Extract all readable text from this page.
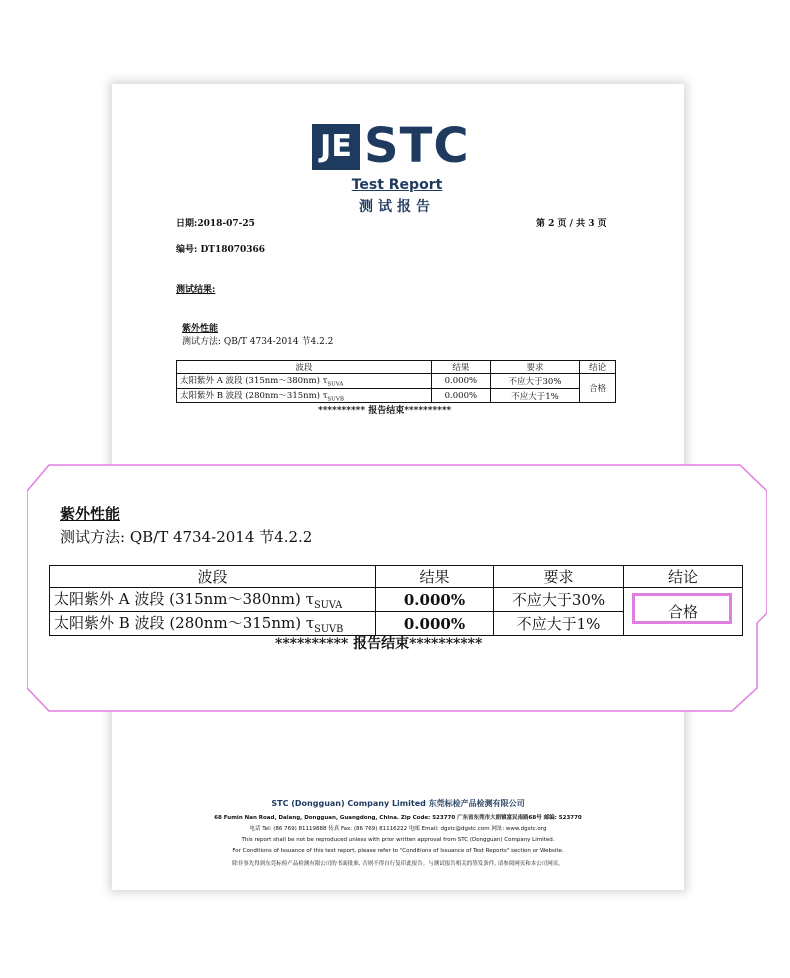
JE STC
Test Report
测试报告
日期:2018-07-25	第 2 页 / 共 3 页
编号: DT18070366
测试结果:
紫外性能
测试方法: QB/T 4734-2014 节4.2.2
波段	结果	要求	结论
太阳紫外 A 波段 (315nm～380nm) $\tau_{SUVA}$	0.000%	不应大于30%	合格
太阳紫外 B 波段 (280nm～315nm) $\tau_{SUVB}$	0.000%	不应大于1%	
********** 报告结束**********
STC (Dongguan) Company Limited 东莞标检产品检测有限公司
68 Fumin Nan Road, Dalang, Dongguan, Guangdong, China. Zip Code: 523770 广东省东莞市大朗镇富民南路68号 邮编: 523770
电话 Tel: (86 769) 81119888 传真 Fax: (86 769) 81116222 电邮 Email: dgstc@dgstc.com 网址: www.dgstc.org
This report shall be not be reproduced unless with prior written approval from STC (Dongguan) Company Limited.
For Conditions of Issuance of this test report, please refer to "Conditions of Issuance of Test Reports" section or Website.
除非事先得到东莞标检产品检测有限公司的书面批准, 否则不得自行复印此报告。与测试报告相关的签发条件, 请参阅网页和本公司网页。
紫外性能
测试方法: QB/T 4734-2014 节4.2.2
波段	结果	要求	结论
太阳紫外 A 波段 (315nm～380nm) $\tau_{SUVA}$	0.000%	不应大于30%	合格
太阳紫外 B 波段 (280nm～315nm) $\tau_{SUVB}$	0.000%	不应大于1%	
********** 报告结束**********
